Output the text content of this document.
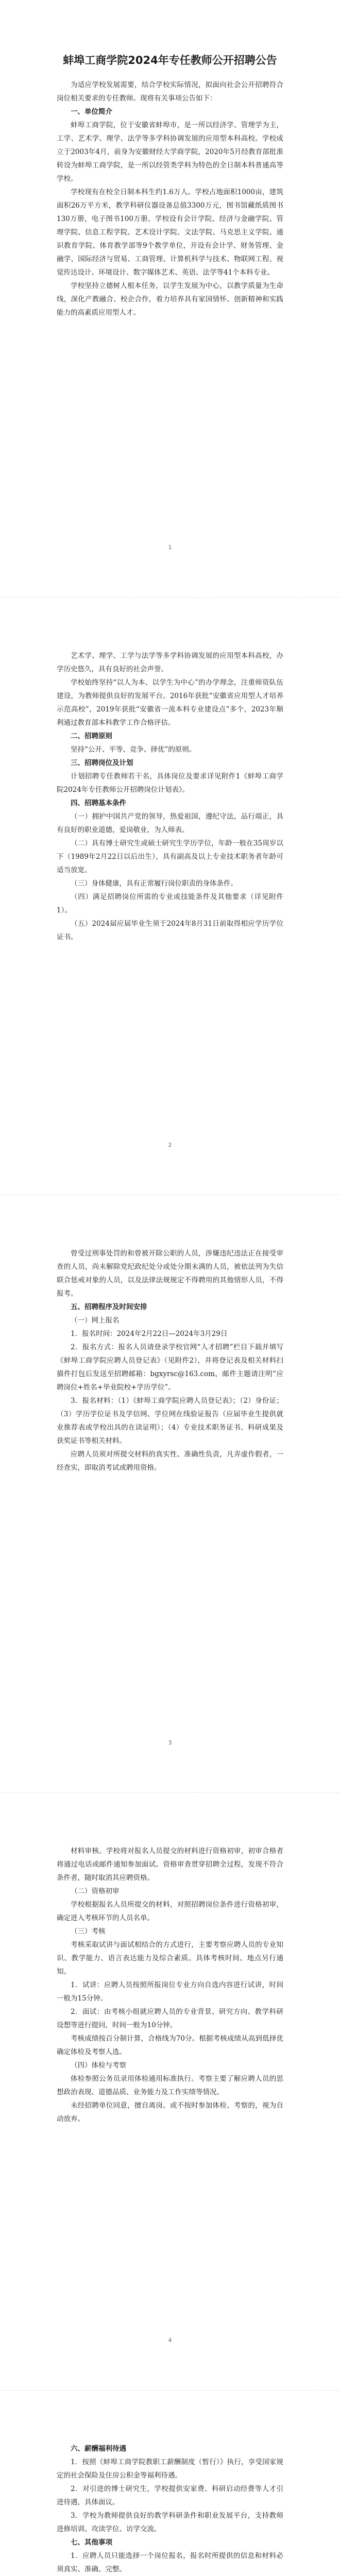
蚌埠工商学院2024年专任教师公开招聘公告

为适应学校发展需要，结合学校实际情况，拟面向社会公开招聘符合岗位相关要求的专任教师。现将有关事项公告如下：

一、单位简介

蚌埠工商学院，位于安徽省蚌埠市，是一所以经济学、管理学为主，工学、艺术学、理学、法学等多学科协调发展的应用型本科高校。学校成立于2003年4月，前身为安徽财经大学商学院，2020年5月经教育部批准转设为蚌埠工商学院，是一所以经管类学科为特色的全日制本科普通高等学校。

学校现有在校全日制本科生约1.6万人。学校占地面积1000亩，建筑面积26万平方米，教学科研仪器设备总值3300万元，图书馆藏纸质图书130万册，电子图书100万册。学校设有会计学院、经济与金融学院、管理学院、信息工程学院、艺术设计学院、文法学院、马克思主义学院、通识教育学院、体育教学部等9个教学单位，开设有会计学、财务管理、金融学、国际经济与贸易、工商管理、计算机科学与技术、物联网工程、视觉传达设计、环境设计、数字媒体艺术、英语、法学等41个本科专业。

学校坚持立德树人根本任务，以学生发展为中心，以教学质量为生命线，深化产教融合、校企合作，着力培养具有家国情怀、创新精神和实践能力的高素质应用型人才。

1

艺术学、理学、工学与法学等多学科协调发展的应用型本科高校，办学历史悠久，具有良好的社会声誉。

学校始终坚持“以人为本、以学生为中心”的办学理念，注重师资队伍建设，为教师提供良好的发展平台。2016年获批“安徽省应用型人才培养示范高校”，2019年获批“安徽省一流本科专业建设点”多个，2023年顺利通过教育部本科教学工作合格评估。

二、招聘原则

坚持“公开、平等、竞争、择优”的原则。

三、招聘岗位及计划

计划招聘专任教师若干名，具体岗位及要求详见附件1《蚌埠工商学院2024年专任教师公开招聘岗位计划表》。

四、招聘基本条件

（一）拥护中国共产党的领导，热爱祖国，遵纪守法，品行端正，具有良好的职业道德，爱岗敬业，为人师表。

（二）具有博士研究生或硕士研究生学历学位，年龄一般在35周岁以下（1989年2月22日以后出生），具有副高及以上专业技术职务者年龄可适当放宽。

（三）身体健康，具有正常履行岗位职责的身体条件。

（四）满足招聘岗位所需的专业或技能条件及其他要求（详见附件1）。

（五）2024届应届毕业生须于2024年8月31日前取得相应学历学位证书。

2

曾受过刑事处罚的和曾被开除公职的人员，涉嫌违纪违法正在接受审查的人员，尚未解除党纪政纪处分或处分期未满的人员，被依法列为失信联合惩戒对象的人员，以及法律法规规定不得聘用的其他情形人员，不得报考。

五、招聘程序及时间安排
（一）网上报名

1．报名时间：2024年2月22日—2024年3月29日

2．报名方式：报名人员请登录学校官网“人才招聘”栏目下载并填写《蚌埠工商学院应聘人员登记表》（见附件2），并将登记表及相关材料扫描件打包后发送至招聘邮箱：bgxyrsc@163.com，邮件主题请注明“应聘岗位+姓名+毕业院校+学历学位”。

3．报名材料：（1）《蚌埠工商学院应聘人员登记表》；（2）身份证；（3）学历学位证书及学信网、学位网在线验证报告（应届毕业生提供就业推荐表或学校出具的在读证明）；（4）专业技术职务证书、科研成果及获奖证书等相关材料。

应聘人员须对所提交材料的真实性、准确性负责，凡弄虚作假者，一经查实，即取消考试或聘用资格。

3

材料审核。学校将对报名人员提交的材料进行资格初审，初审合格者将通过电话或邮件通知参加面试。资格审查贯穿招聘全过程，发现不符合条件者，随时取消其应聘资格。

（二）资格初审

学校根据报名人员所提交的材料，对照招聘岗位条件进行资格初审，确定进入考核环节的人员名单。

（三）考核

考核采取试讲与面试相结合的方式进行，主要考察应聘人员的专业知识、教学能力、语言表达能力及综合素质。具体考核时间、地点另行通知。

1．试讲：应聘人员按照所报岗位专业方向自选内容进行试讲，时间一般为15分钟。

2．面试：由考核小组就应聘人员的专业背景、研究方向、教学科研设想等进行提问，时间一般为10分钟。

考核成绩按百分制计算，合格线为70分。根据考核成绩从高到低择优确定体检及考察人选。

（四）体检与考察

体检参照公务员录用体检通用标准执行。考察主要了解应聘人员的思想政治表现、道德品质、业务能力及工作实绩等情况。

未经招聘单位同意，擅自离岗、或不按时参加体检、考察的，视为自动放弃。

4
六、薪酬福利待遇

1．按照《蚌埠工商学院教职工薪酬制度（暂行）》执行，享受国家规定的社会保险及住房公积金等福利待遇。

2．对引进的博士研究生，学校提供安家费、科研启动经费等人才引进待遇，具体面议。

3．学校为教师提供良好的教学科研条件和职业发展平台，支持教师进修培训、攻读学位、访学交流。

七、其他事项

1．应聘人员只能选择一个岗位报名，报名时所提供的信息和材料必须真实、准确、完整。
